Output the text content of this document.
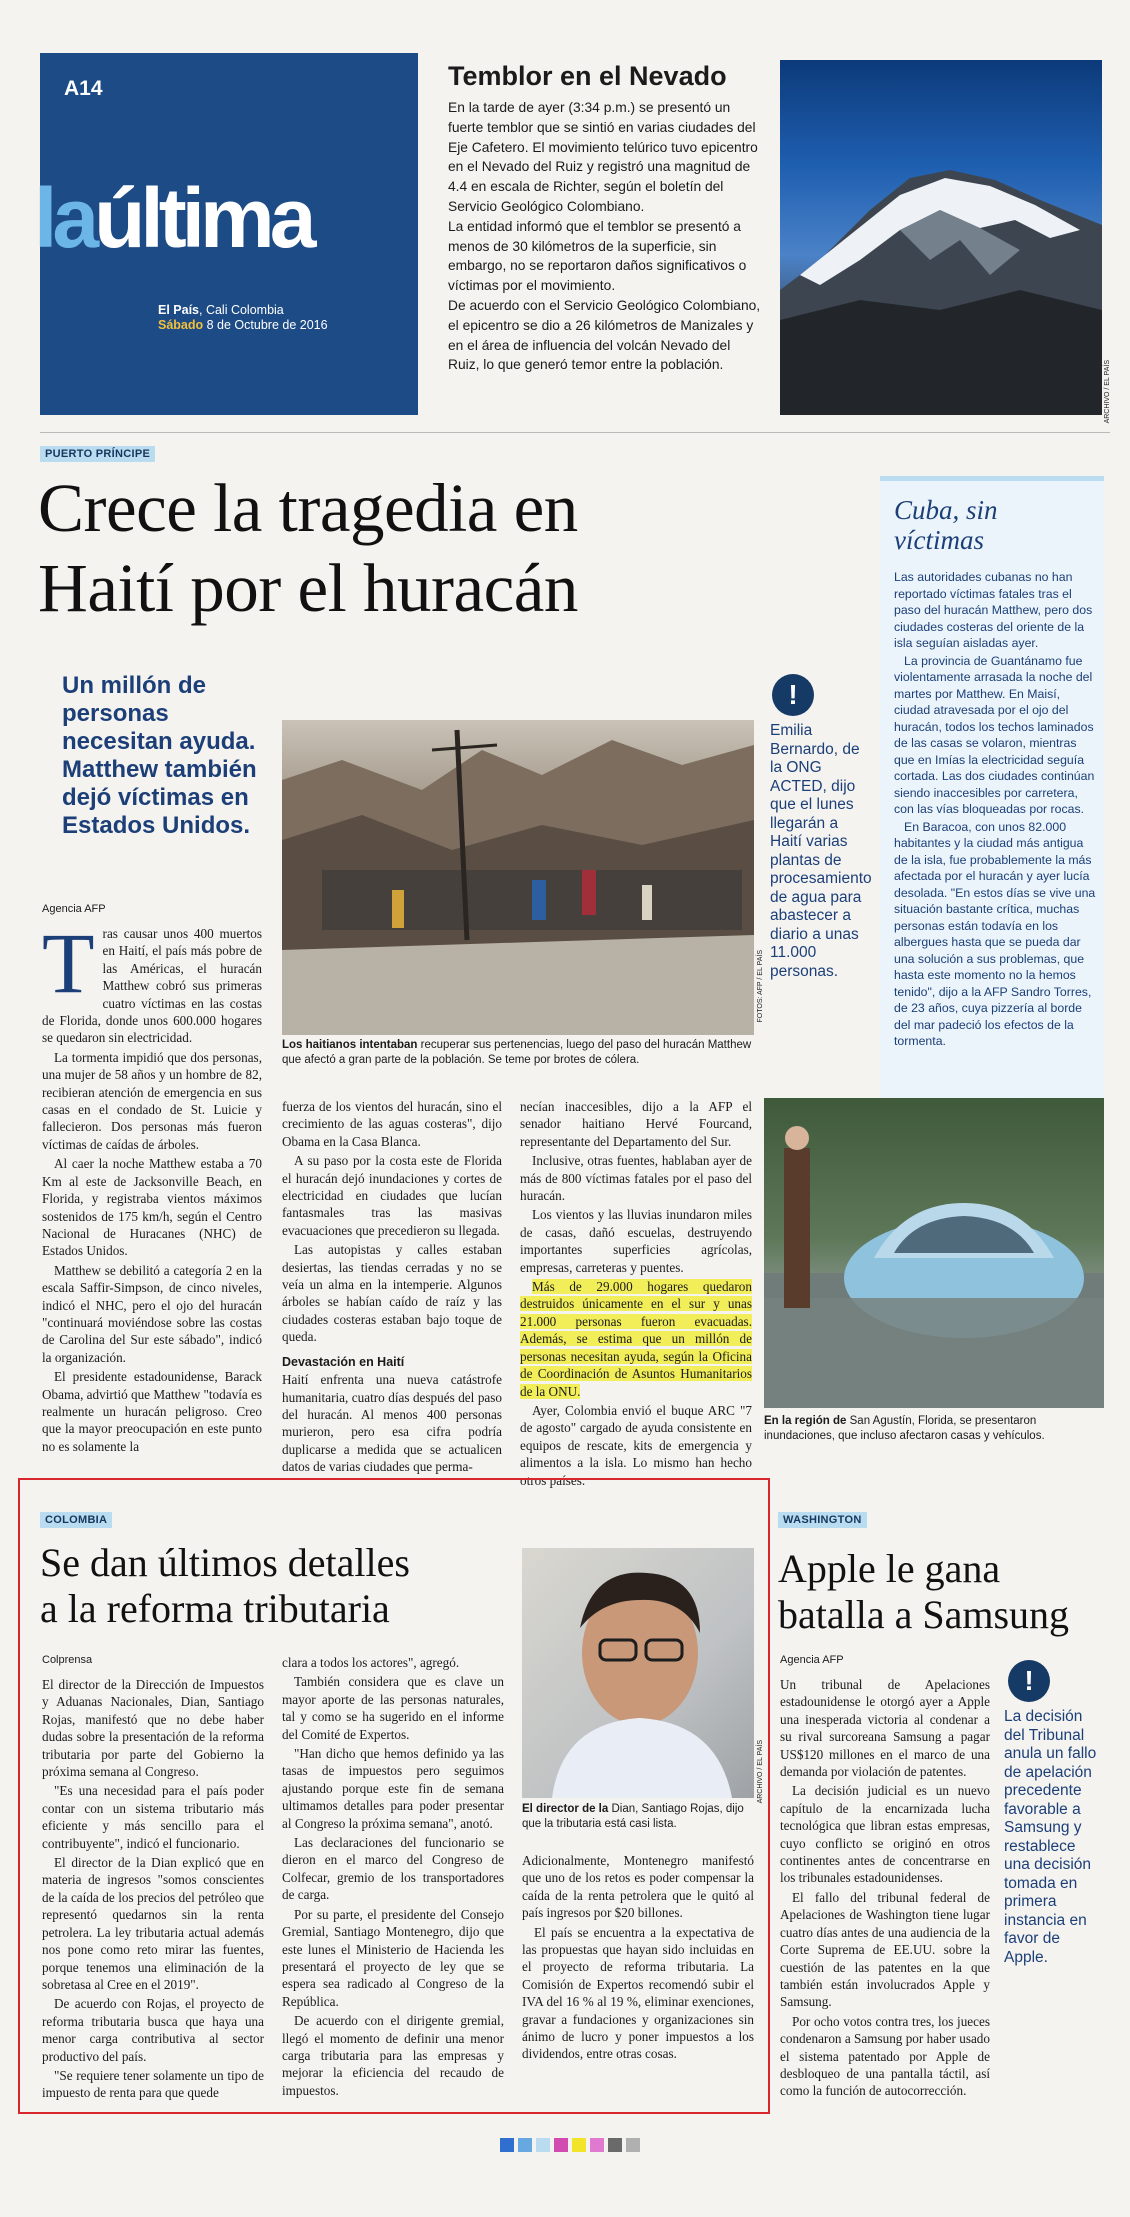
A14
laúltima
El País, Cali Colombia
Sábado 8 de Octubre de 2016
Temblor en el Nevado
En la tarde de ayer (3:34 p.m.) se presentó un fuerte temblor que se sintió en varias ciudades del Eje Cafetero. El movimiento telúrico tuvo epicentro en el Nevado del Ruiz y registró una magnitud de 4.4 en escala de Richter, según el boletín del Servicio Geológico Colombiano.
La entidad informó que el temblor se presentó a menos de 30 kilómetros de la superficie, sin embargo, no se reportaron daños significativos o víctimas por el movimiento.
De acuerdo con el Servicio Geológico Colombiano, el epicentro se dio a 26 kilómetros de Manizales y en el área de influencia del volcán Nevado del Ruiz, lo que generó temor entre la población.	ARCHIVO / EL PAÍS
PUERTO PRÍNCIPE
Crece la tragedia en
Haití por el huracán
Un millón de personas necesitan ayuda. Matthew también dejó víctimas en Estados Unidos.
FOTOS: AFP / EL PAÍS
Los haitianos intentaban recuperar sus pertenencias, luego del paso del huracán Matthew que afectó a gran parte de la población. Se teme por brotes de cólera.
!
Emilia Bernardo, de la ONG ACTED, dijo que el lunes llegarán a Haití varias plantas de procesamiento de agua para abastecer a diario a unas 11.000 personas.
Cuba, sin
víctimas

Las autoridades cubanas no han reportado víctimas fatales tras el paso del huracán Matthew, pero dos ciudades costeras del oriente de la isla seguían aisladas ayer.

La provincia de Guantánamo fue violentamente arrasada la noche del martes por Matthew. En Maisí, ciudad atravesada por el ojo del huracán, todos los techos laminados de las casas se volaron, mientras que en Imías la electricidad seguía cortada. Las dos ciudades continúan siendo inaccesibles por carretera, con las vías bloqueadas por rocas.

En Baracoa, con unos 82.000 habitantes y la ciudad más antigua de la isla, fue probablemente la más afectada por el huracán y ayer lucía desolada. "En estos días se vive una situación bastante crítica, muchas personas están todavía en los albergues hasta que se pueda dar una solución a sus problemas, que hasta este momento no la hemos tenido", dijo a la AFP Sandro Torres, de 23 años, cuya pizzería al borde del mar padeció los efectos de la tormenta.

Agencia AFP
T ras causar unos 400 muertos en Haití, el país más pobre de las Américas, el huracán Matthew cobró sus primeras cuatro víctimas en las costas de Florida, donde unos 600.000 hogares se quedaron sin electricidad.

La tormenta impidió que dos personas, una mujer de 58 años y un hombre de 82, recibieran atención de emergencia en sus casas en el condado de St. Luicie y fallecieron. Dos personas más fueron víctimas de caídas de árboles.

Al caer la noche Matthew estaba a 70 Km al este de Jacksonville Beach, en Florida, y registraba vientos máximos sostenidos de 175 km/h, según el Centro Nacional de Huracanes (NHC) de Estados Unidos.

Matthew se debilitó a categoría 2 en la escala Saffir-Simpson, de cinco niveles, indicó el NHC, pero el ojo del huracán "continuará moviéndose sobre las costas de Carolina del Sur este sábado", indicó la organización.

El presidente estadounidense, Barack Obama, advirtió que Matthew "todavía es realmente un huracán peligroso. Creo que la mayor preocupación en este punto no es solamente la

fuerza de los vientos del huracán, sino el crecimiento de las aguas costeras", dijo Obama en la Casa Blanca.

A su paso por la costa este de Florida el huracán dejó inundaciones y cortes de electricidad en ciudades que lucían fantasmales tras las masivas evacuaciones que precedieron su llegada.

Las autopistas y calles estaban desiertas, las tiendas cerradas y no se veía un alma en la intemperie. Algunos árboles se habían caído de raíz y las ciudades costeras estaban bajo toque de queda.

Devastación en Haití

Haití enfrenta una nueva catástrofe humanitaria, cuatro días después del paso del huracán. Al menos 400 personas murieron, pero esa cifra podría duplicarse a medida que se actualicen datos de varias ciudades que perma-

necían inaccesibles, dijo a la AFP el senador haitiano Hervé Fourcand, representante del Departamento del Sur.

Inclusive, otras fuentes, hablaban ayer de más de 800 víctimas fatales por el paso del huracán.

Los vientos y las lluvias inundaron miles de casas, dañó escuelas, destruyendo importantes superficies agrícolas, empresas, carreteras y puentes.

Más de 29.000 hogares quedaron destruidos únicamente en el sur y unas 21.000 personas fueron evacuadas. Además, se estima que un millón de personas necesitan ayuda, según la Oficina de Coordinación de Asuntos Humanitarios de la ONU.

Ayer, Colombia envió el buque ARC "7 de agosto" cargado de ayuda consistente en equipos de rescate, kits de emergencia y alimentos a la isla. Lo mismo han hecho otros países.

En la región de San Agustín, Florida, se presentaron inundaciones, que incluso afectaron casas y vehículos.
COLOMBIA
Se dan últimos detalles
a la reforma tributaria
Colprensa

El director de la Dirección de Impuestos y Aduanas Nacionales, Dian, Santiago Rojas, manifestó que no debe haber dudas sobre la presentación de la reforma tributaria por parte del Gobierno la próxima semana al Congreso.

"Es una necesidad para el país poder contar con un sistema tributario más eficiente y más sencillo para el contribuyente", indicó el funcionario.

El director de la Dian explicó que en materia de ingresos "somos conscientes de la caída de los precios del petróleo que representó quedarnos sin la renta petrolera. La ley tributaria actual además nos pone como reto mirar las fuentes, porque tenemos una eliminación de la sobretasa al Cree en el 2019".

De acuerdo con Rojas, el proyecto de reforma tributaria busca que haya una menor carga contributiva al sector productivo del país.

"Se requiere tener solamente un tipo de impuesto de renta para que quede

clara a todos los actores", agregó.

También considera que es clave un mayor aporte de las personas naturales, tal y como se ha sugerido en el informe del Comité de Expertos.

"Han dicho que hemos definido ya las tasas de impuestos pero seguimos ajustando porque este fin de semana ultimamos detalles para poder presentar al Congreso la próxima semana", anotó.

Las declaraciones del funcionario se dieron en el marco del Congreso de Colfecar, gremio de los transportadores de carga.

Por su parte, el presidente del Consejo Gremial, Santiago Montenegro, dijo que este lunes el Ministerio de Hacienda les presentará el proyecto de ley que se espera sea radicado al Congreso de la República.

De acuerdo con el dirigente gremial, llegó el momento de definir una menor carga tributaria para las empresas y mejorar la eficiencia del recaudo de impuestos.

ARCHIVO / EL PAÍS
El director de la Dian, Santiago Rojas, dijo que la tributaria está casi lista.

Adicionalmente, Montenegro manifestó que uno de los retos es poder compensar la caída de la renta petrolera que le quitó al país ingresos por $20 billones.

El país se encuentra a la expectativa de las propuestas que hayan sido incluidas en el proyecto de reforma tributaria. La Comisión de Expertos recomendó subir el IVA del 16 % al 19 %, eliminar exenciones, gravar a fundaciones y organizaciones sin ánimo de lucro y poner impuestos a los dividendos, entre otras cosas.

WASHINGTON
Apple le gana
batalla a Samsung
Agencia AFP

Un tribunal de Apelaciones estadounidense le otorgó ayer a Apple una inesperada victoria al condenar a su rival surcoreana Samsung a pagar US$120 millones en el marco de una demanda por violación de patentes.

La decisión judicial es un nuevo capítulo de la encarnizada lucha tecnológica que libran estas empresas, cuyo conflicto se originó en otros continentes antes de concentrarse en los tribunales estadounidenses.

El fallo del tribunal federal de Apelaciones de Washington tiene lugar cuatro días antes de una audiencia de la Corte Suprema de EE.UU. sobre la cuestión de las patentes en la que también están involucrados Apple y Samsung.

Por ocho votos contra tres, los jueces condenaron a Samsung por haber usado el sistema patentado por Apple de desbloqueo de una pantalla táctil, así como la función de autocorrección.

!
La decisión del Tribunal anula un fallo de apelación precedente favorable a Samsung y restablece una decisión tomada en primera instancia en favor de Apple.
